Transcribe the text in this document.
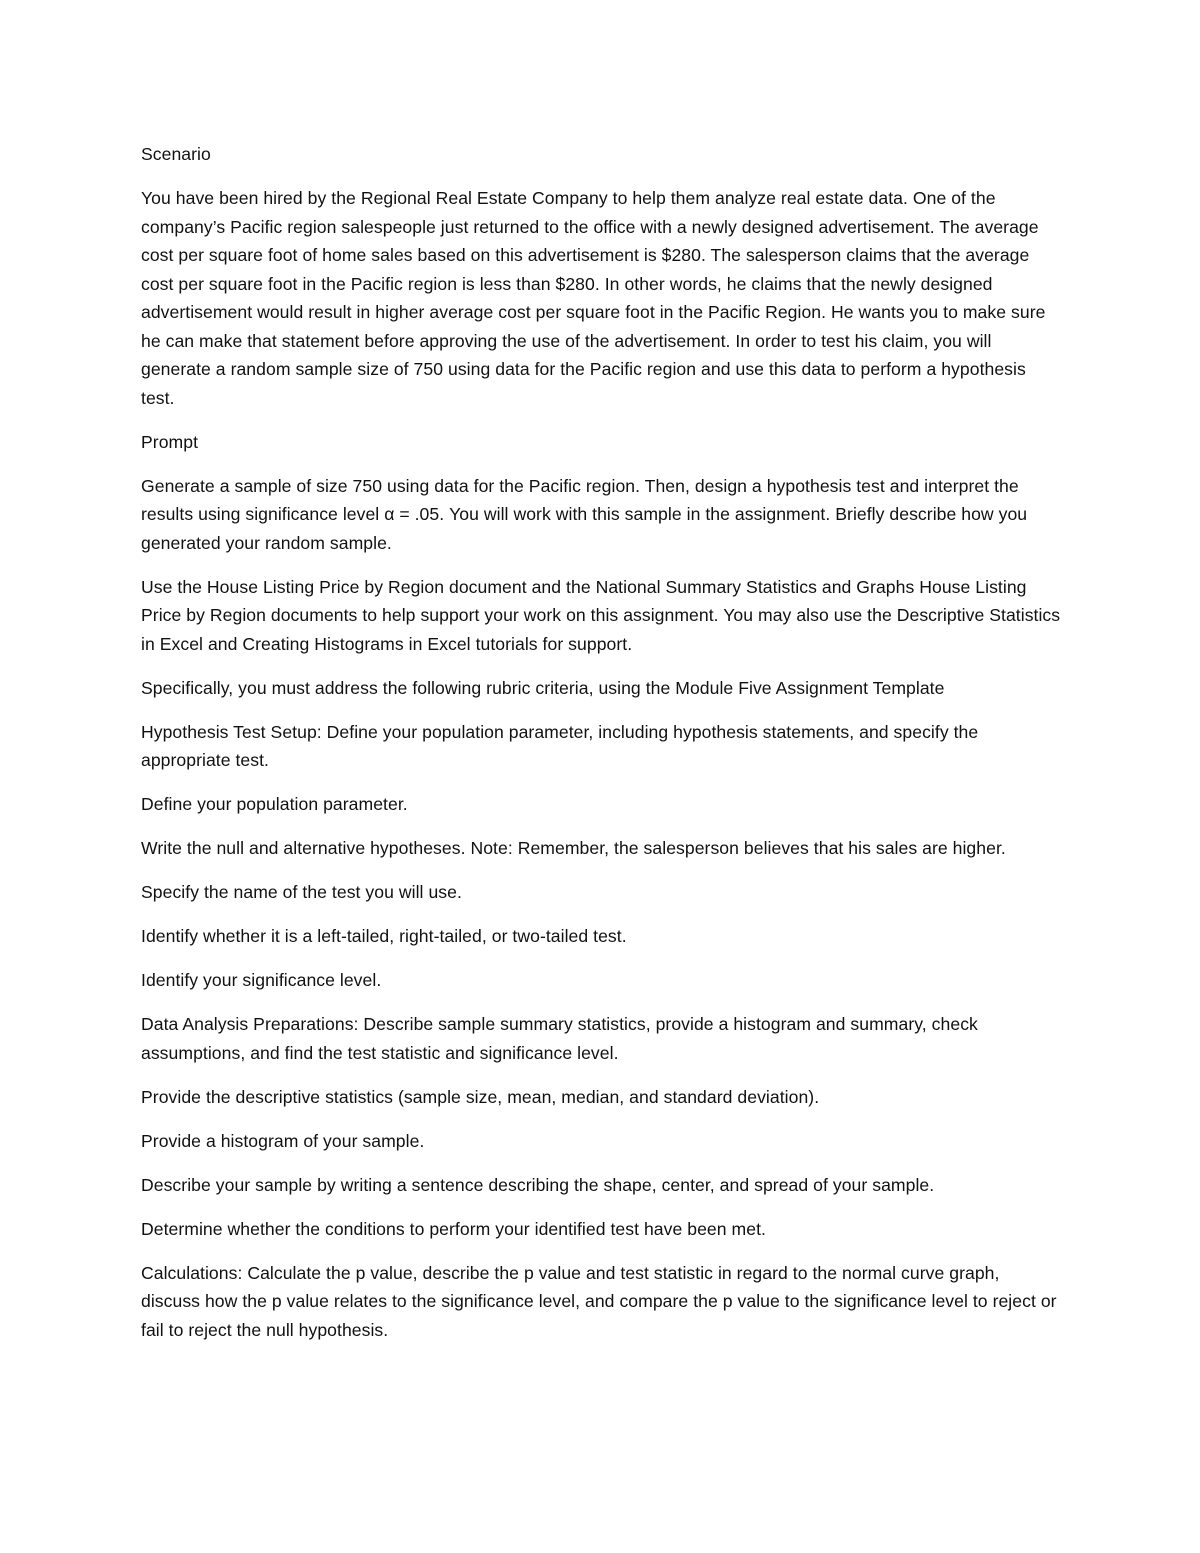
Scenario

You have been hired by the Regional Real Estate Company to help them analyze real estate data. One of the company’s Pacific region salespeople just returned to the office with a newly designed advertisement. The average cost per square foot of home sales based on this advertisement is $280. The salesperson claims that the average cost per square foot in the Pacific region is less than $280. In other words, he claims that the newly designed advertisement would result in higher average cost per square foot in the Pacific Region. He wants you to make sure he can make that statement before approving the use of the advertisement. In order to test his claim, you will generate a random sample size of 750 using data for the Pacific region and use this data to perform a hypothesis test.

Prompt

Generate a sample of size 750 using data for the Pacific region. Then, design a hypothesis test and interpret the results using significance level α = .05. You will work with this sample in the assignment. Briefly describe how you generated your random sample.

Use the House Listing Price by Region document and the National Summary Statistics and Graphs House Listing Price by Region documents to help support your work on this assignment. You may also use the Descriptive Statistics in Excel and Creating Histograms in Excel tutorials for support.

Specifically, you must address the following rubric criteria, using the Module Five Assignment Template

Hypothesis Test Setup: Define your population parameter, including hypothesis statements, and specify the appropriate test.

Define your population parameter.

Write the null and alternative hypotheses. Note: Remember, the salesperson believes that his sales are higher.

Specify the name of the test you will use.

Identify whether it is a left-tailed, right-tailed, or two-tailed test.

Identify your significance level.

Data Analysis Preparations: Describe sample summary statistics, provide a histogram and summary, check assumptions, and find the test statistic and significance level.

Provide the descriptive statistics (sample size, mean, median, and standard deviation).

Provide a histogram of your sample.

Describe your sample by writing a sentence describing the shape, center, and spread of your sample.

Determine whether the conditions to perform your identified test have been met.

Calculations: Calculate the p value, describe the p value and test statistic in regard to the normal curve graph, discuss how the p value relates to the significance level, and compare the p value to the significance level to reject or fail to reject the null hypothesis.
